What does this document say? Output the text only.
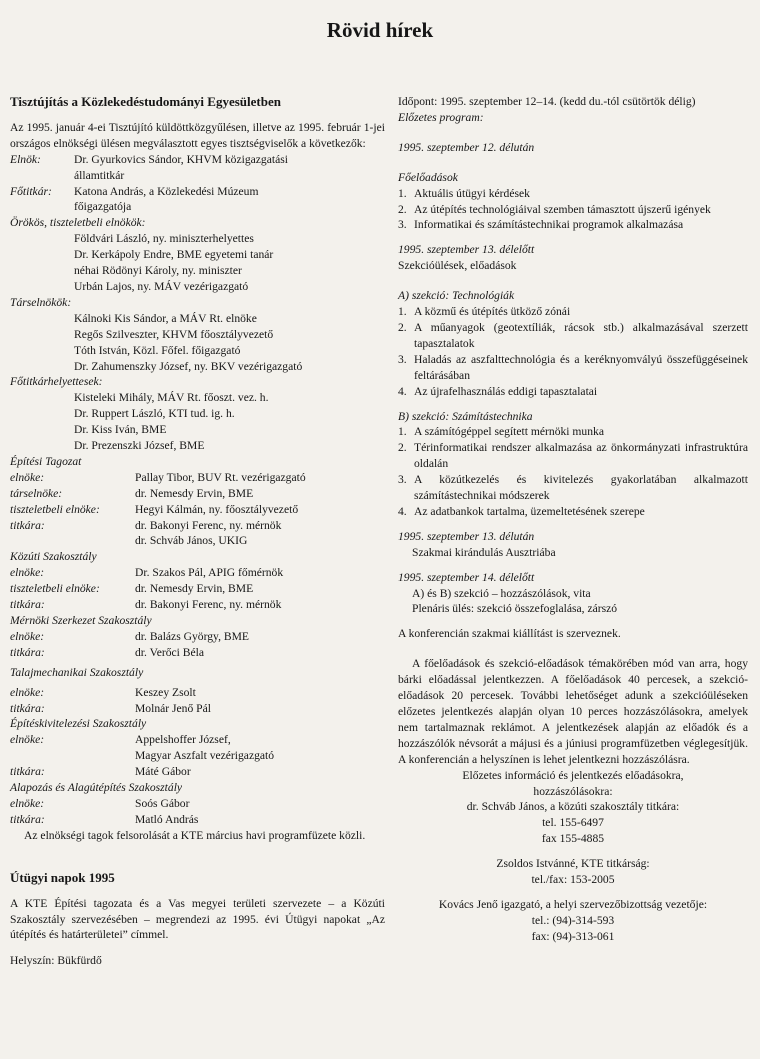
Rövid hírek
Tisztújítás a Közlekedéstudományi Egyesületben
Az 1995. január 4-ei Tisztújító küldöttközgyűlésen, illetve az 1995. február 1-jei országos elnökségi ülésen megválasztott egyes tisztségviselők a következők:
Elnök:	Dr. Gyurkovics Sándor, KHVM közigazgatási
államtitkár
Főtitkár:	Katona András, a Közlekedési Múzeum
főigazgatója
Örökös, tiszteletbeli elnökök:
Földvári László, ny. miniszterhelyettes
Dr. Kerkápoly Endre, BME egyetemi tanár
néhai Rödönyi Károly, ny. miniszter
Urbán Lajos, ny. MÁV vezérigazgató
Társelnökök:
Kálnoki Kis Sándor, a MÁV Rt. elnöke
Regős Szilveszter, KHVM főosztályvezető
Tóth István, Közl. Főfel. főigazgató
Dr. Zahumenszky József, ny. BKV vezérigazgató
Főtitkárhelyettesek:
Kisteleki Mihály, MÁV Rt. főoszt. vez. h.
Dr. Ruppert László, KTI tud. ig. h.
Dr. Kiss Iván, BME
Dr. Prezenszki József, BME
Építési Tagozat
elnöke:	Pallay Tibor, BUV Rt. vezérigazgató
társelnöke:	dr. Nemesdy Ervin, BME
tiszteletbeli elnöke:	Hegyi Kálmán, ny. főosztályvezető
titkára:	dr. Bakonyi Ferenc, ny. mérnök
dr. Schváb János, UKIG
Közúti Szakosztály
elnöke:	Dr. Szakos Pál, APIG főmérnök
tiszteletbeli elnöke:	dr. Nemesdy Ervin, BME
titkára:	dr. Bakonyi Ferenc, ny. mérnök
Mérnöki Szerkezet Szakosztály
elnöke:	dr. Balázs György, BME
titkára:	dr. Verőci Béla
Talajmechanikai Szakosztály
elnöke:	Keszey Zsolt
titkára:	Molnár Jenő Pál
Építéskivitelezési Szakosztály
elnöke:	Appelshoffer József,
Magyar Aszfalt vezérigazgató
titkára:	Máté Gábor
Alapozás és Alagútépítés Szakosztály
elnöke:	Soós Gábor
titkára:	Matló András
Az elnökségi tagok felsorolását a KTE március havi programfüzete közli.
Útügyi napok 1995
A KTE Építési tagozata és a Vas megyei területi szervezete – a Közúti Szakosztály szervezésében – megrendezi az 1995. évi Útügyi napokat „Az útépítés és határterületei” címmel.
Helyszín: Bükfürdő
Időpont: 1995. szeptember 12–14. (kedd du.-tól csütörtök délig)
Előzetes program:
1995. szeptember 12. délután
Főelőadások
1. Aktuális útügyi kérdések
2. Az útépítés technológiáival szemben támasztott újszerű igények
3. Informatikai és számítástechnikai programok alkalmazása
1995. szeptember 13. délelőtt
Szekcióülések, előadások
A) szekció: Technológiák
1. A közmű és útépítés ütköző zónái
2. A műanyagok (geotextíliák, rácsok stb.) alkalmazásával szerzett tapasztalatok
3. Haladás az aszfalttechnológia és a keréknyomvályú összefüggéseinek feltárásában
4. Az újrafelhasználás eddigi tapasztalatai
B) szekció: Számítástechnika
1. A számítógéppel segített mérnöki munka
2. Térinformatikai rendszer alkalmazása az önkormányzati infrastruktúra oldalán
3. A közútkezelés és kivitelezés gyakorlatában alkalmazott számítástechnikai módszerek
4. Az adatbankok tartalma, üzemeltetésének szerepe
1995. szeptember 13. délután
Szakmai kirándulás Ausztriába
1995. szeptember 14. délelőtt
A) és B) szekció – hozzászólások, vita
Plenáris ülés: szekció összefoglalása, zárszó
A konferencián szakmai kiállítást is szerveznek.
A főelőadások és szekció-előadások témakörében mód van arra, hogy bárki előadással jelentkezzen. A főelőadások 40 percesek, a szekció-előadások 20 percesek. További lehetőséget adunk a szekcióüléseken előzetes jelentkezés alapján olyan 10 perces hozzászólásokra, amelyek nem tartalmaznak reklámot. A jelentkezések alapján az előadók és a hozzászólók névsorát a májusi és a júniusi programfüzetben véglegesítjük. A konferencián a helyszínen is lehet jelentkezni hozzászólásra.
Előzetes információ és jelentkezés előadásokra,
hozzászólásokra:
dr. Schváb János, a közúti szakosztály titkára:
tel. 155-6497
fax 155-4885
Zsoldos Istvánné, KTE titkárság:
tel./fax: 153-2005
Kovács Jenő igazgató, a helyi szervezőbizottság vezetője:
tel.: (94)-314-593
fax: (94)-313-061
